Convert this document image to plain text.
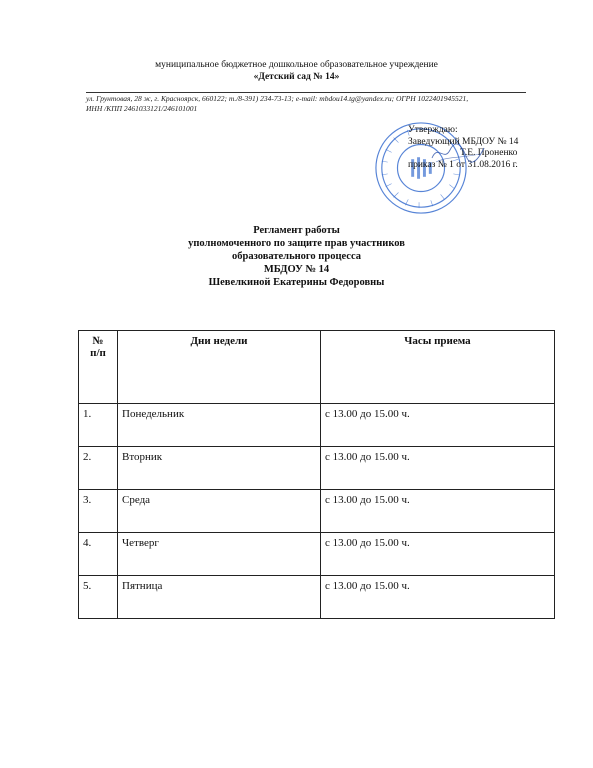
муниципальное бюджетное дошкольное образовательное учреждение
«Детский сад № 14»
ул. Грунтовая, 28 ж, г. Красноярск, 660122; т./8-391) 234-73-13; e-mail: mbdou14.tg@yandex.ru; ОГРН 1022401945521,
ИНН /КПП 2461033121/246101001
Утверждаю:
Заведующий МБДОУ № 14
Т.Е. Проненко
приказ № 1 от 31.08.2016 г.
Регламент работы
уполномоченного по защите прав участников
образовательного процесса
МБДОУ № 14
Шевелкиной Екатерины Федоровны
№
п/п	Дни недели	Часы приема
1.	Понедельник	с 13.00 до 15.00 ч.
2.	Вторник	с 13.00 до 15.00 ч.
3.	Среда	с 13.00 до 15.00 ч.
4.	Четверг	с 13.00 до 15.00 ч.
5.	Пятница	с 13.00 до 15.00 ч.
